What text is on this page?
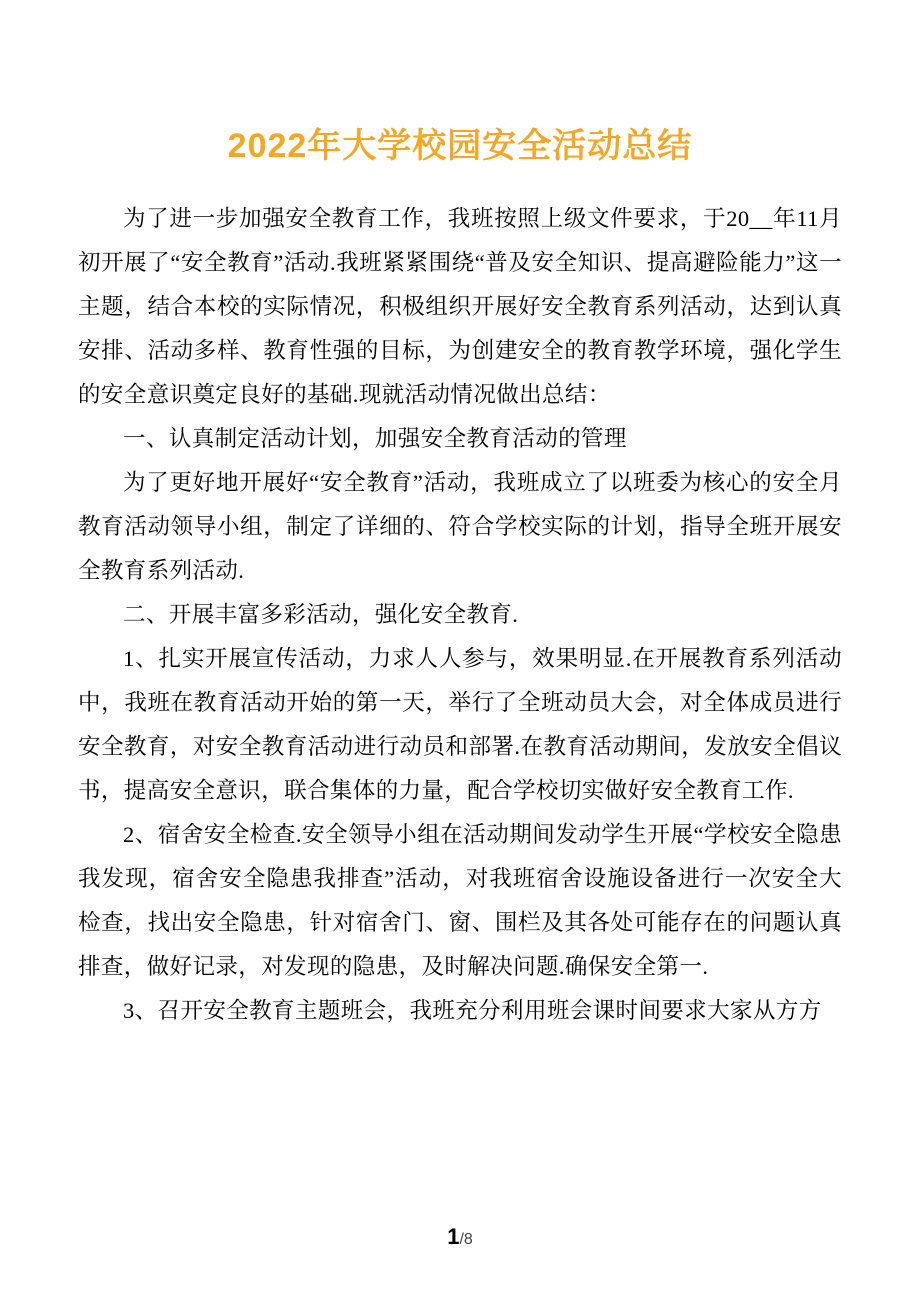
2022年大学校园安全活动总结

为了进一步加强安全教育工作，我班按照上级文件要求，于20__年11月初开展了“安全教育”活动.我班紧紧围绕“普及安全知识、提高避险能力”这一主题，结合本校的实际情况，积极组织开展好安全教育系列活动，达到认真安排、活动多样、教育性强的目标，为创建安全的教育教学环境，强化学生的安全意识奠定良好的基础.现就活动情况做出总结：

一、认真制定活动计划，加强安全教育活动的管理

为了更好地开展好“安全教育”活动，我班成立了以班委为核心的安全月教育活动领导小组，制定了详细的、符合学校实际的计划，指导全班开展安全教育系列活动.

二、开展丰富多彩活动，强化安全教育.

1、扎实开展宣传活动，力求人人参与，效果明显.在开展教育系列活动中，我班在教育活动开始的第一天，举行了全班动员大会，对全体成员进行安全教育，对安全教育活动进行动员和部署.在教育活动期间，发放安全倡议书，提高安全意识，联合集体的力量，配合学校切实做好安全教育工作.

2、宿舍安全检查.安全领导小组在活动期间发动学生开展“学校安全隐患我发现，宿舍安全隐患我排查”活动，对我班宿舍设施设备进行一次安全大检查，找出安全隐患，针对宿舍门、窗、围栏及其各处可能存在的问题认真排查，做好记录，对发现的隐患，及时解决问题.确保安全第一.

3、召开安全教育主题班会，我班充分利用班会课时间要求大家从方方

1/8
